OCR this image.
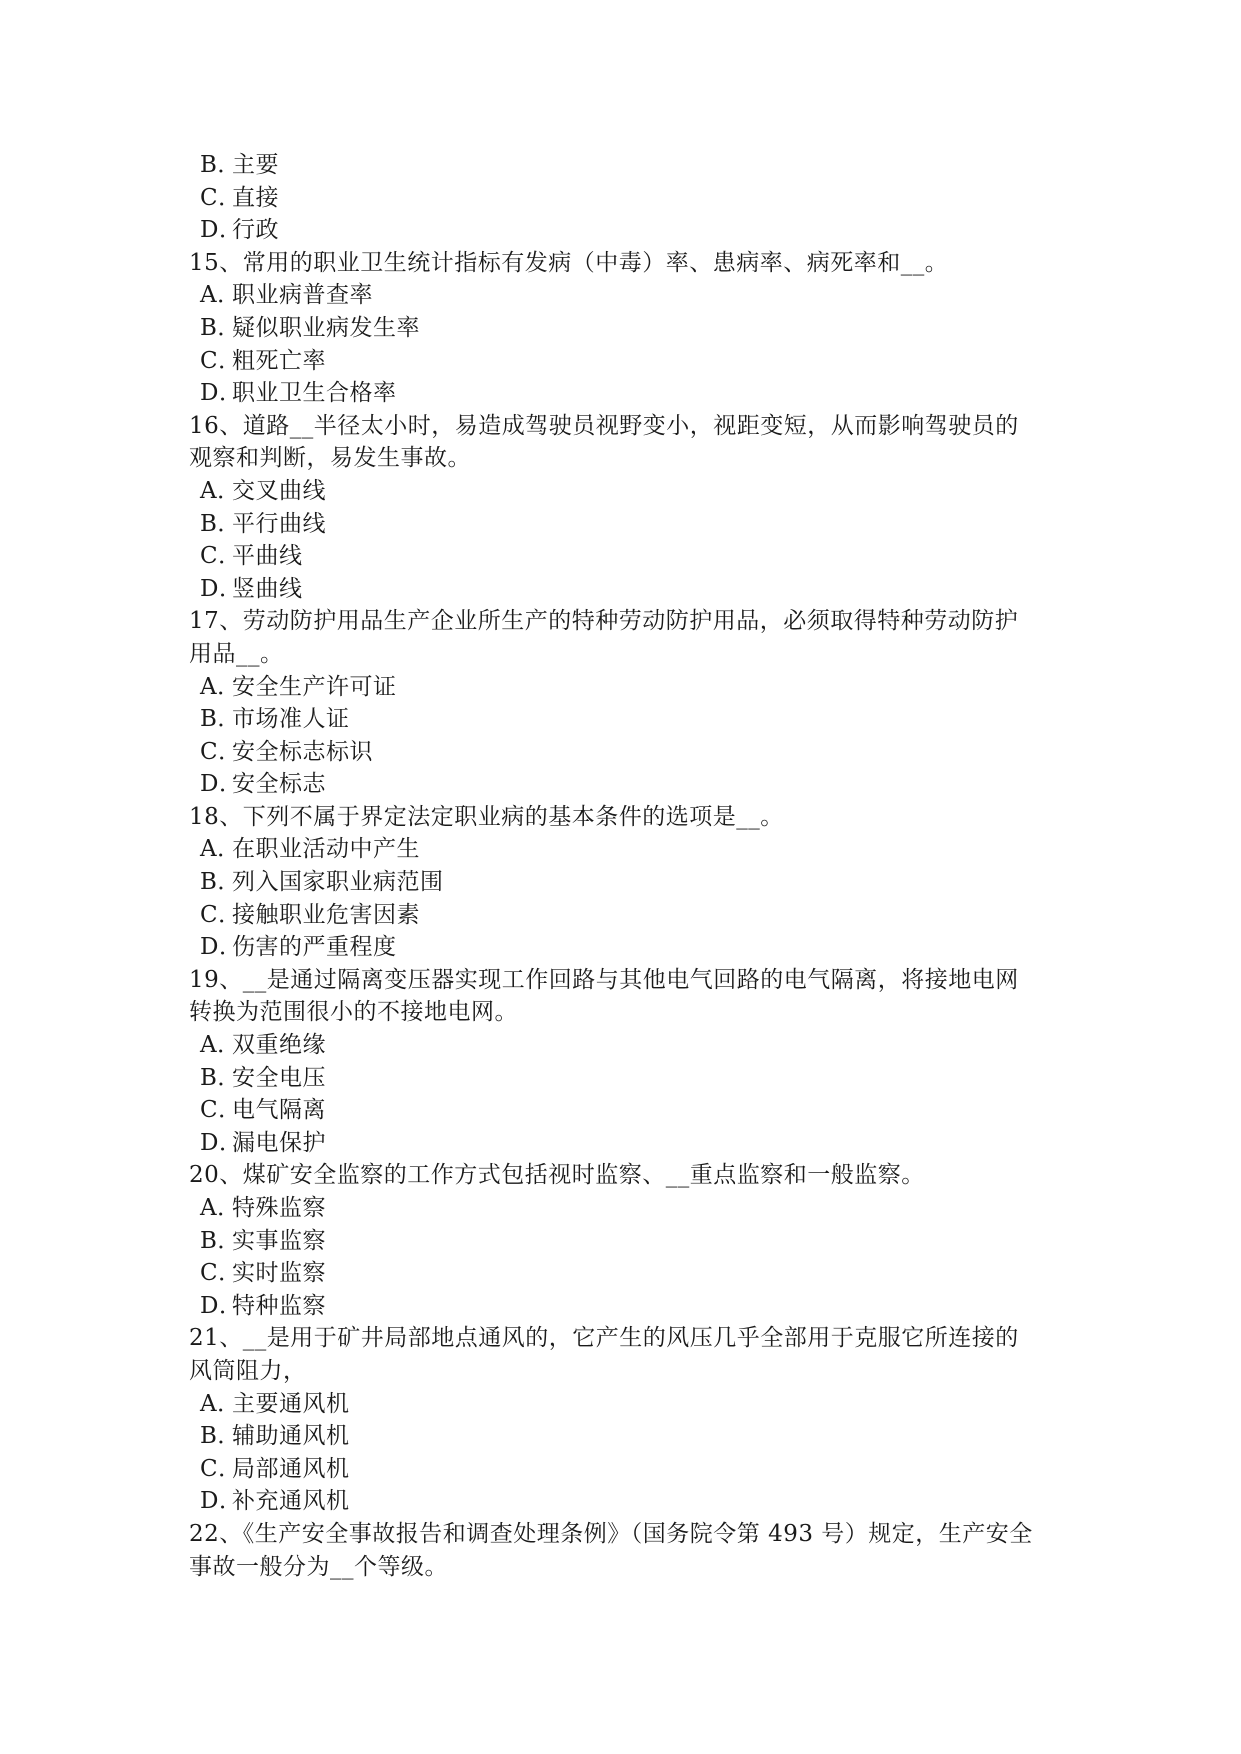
B．主要
C．直接
D．行政
15、常用的职业卫生统计指标有发病（中毒）率、患病率、病死率和__。
A．职业病普查率
B．疑似职业病发生率
C．粗死亡率
D．职业卫生合格率
16、道路__半径太小时，易造成驾驶员视野变小，视距变短，从而影响驾驶员的
观察和判断，易发生事故。
A．交叉曲线
B．平行曲线
C．平曲线
D．竖曲线
17、劳动防护用品生产企业所生产的特种劳动防护用品，必须取得特种劳动防护
用品__。
A．安全生产许可证
B．市场准人证
C．安全标志标识
D．安全标志
18、下列不属于界定法定职业病的基本条件的选项是__。
A．在职业活动中产生
B．列入国家职业病范围
C．接触职业危害因素
D．伤害的严重程度
19、__是通过隔离变压器实现工作回路与其他电气回路的电气隔离，将接地电网
转换为范围很小的不接地电网。
A．双重绝缘
B．安全电压
C．电气隔离
D．漏电保护
20、煤矿安全监察的工作方式包括视时监察、__重点监察和一般监察。
A．特殊监察
B．实事监察
C．实时监察
D．特种监察
21、__是用于矿井局部地点通风的，它产生的风压几乎全部用于克服它所连接的
风筒阻力，
A．主要通风机
B．辅助通风机
C．局部通风机
D．补充通风机
22、《生产安全事故报告和调查处理条例》（国务院令第 493 号）规定，生产安全
事故一般分为__个等级。
